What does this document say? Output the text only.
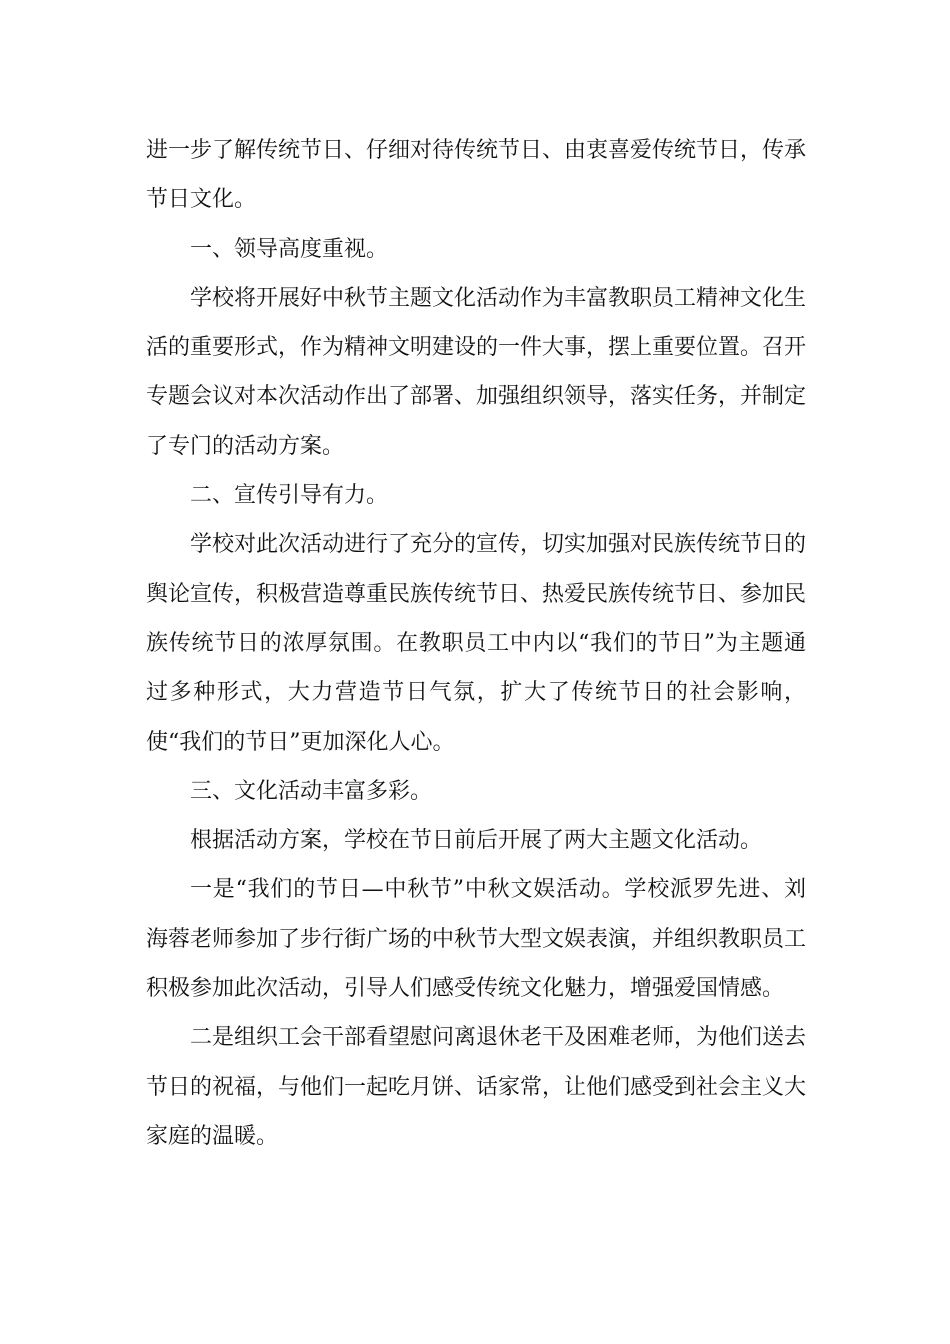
进一步了解传统节日、仔细对待传统节日、由衷喜爱传统节日，传承节日文化。

一、领导高度重视。

学校将开展好中秋节主题文化活动作为丰富教职员工精神文化生活的重要形式，作为精神文明建设的一件大事，摆上重要位置。召开专题会议对本次活动作出了部署、加强组织领导，落实任务，并制定了专门的活动方案。

二、宣传引导有力。

学校对此次活动进行了充分的宣传，切实加强对民族传统节日的舆论宣传，积极营造尊重民族传统节日、热爱民族传统节日、参加民族传统节日的浓厚氛围。在教职员工中内以“我们的节日”为主题通过多种形式，大力营造节日气氛，扩大了传统节日的社会影响，使“我们的节日”更加深化人心。

三、文化活动丰富多彩。

根据活动方案，学校在节日前后开展了两大主题文化活动。

一是“我们的节日—中秋节”中秋文娱活动。学校派罗先进、刘海蓉老师参加了步行街广场的中秋节大型文娱表演，并组织教职员工积极参加此次活动，引导人们感受传统文化魅力，增强爱国情感。

二是组织工会干部看望慰问离退休老干及困难老师，为他们送去节日的祝福，与他们一起吃月饼、话家常，让他们感受到社会主义大家庭的温暖。
